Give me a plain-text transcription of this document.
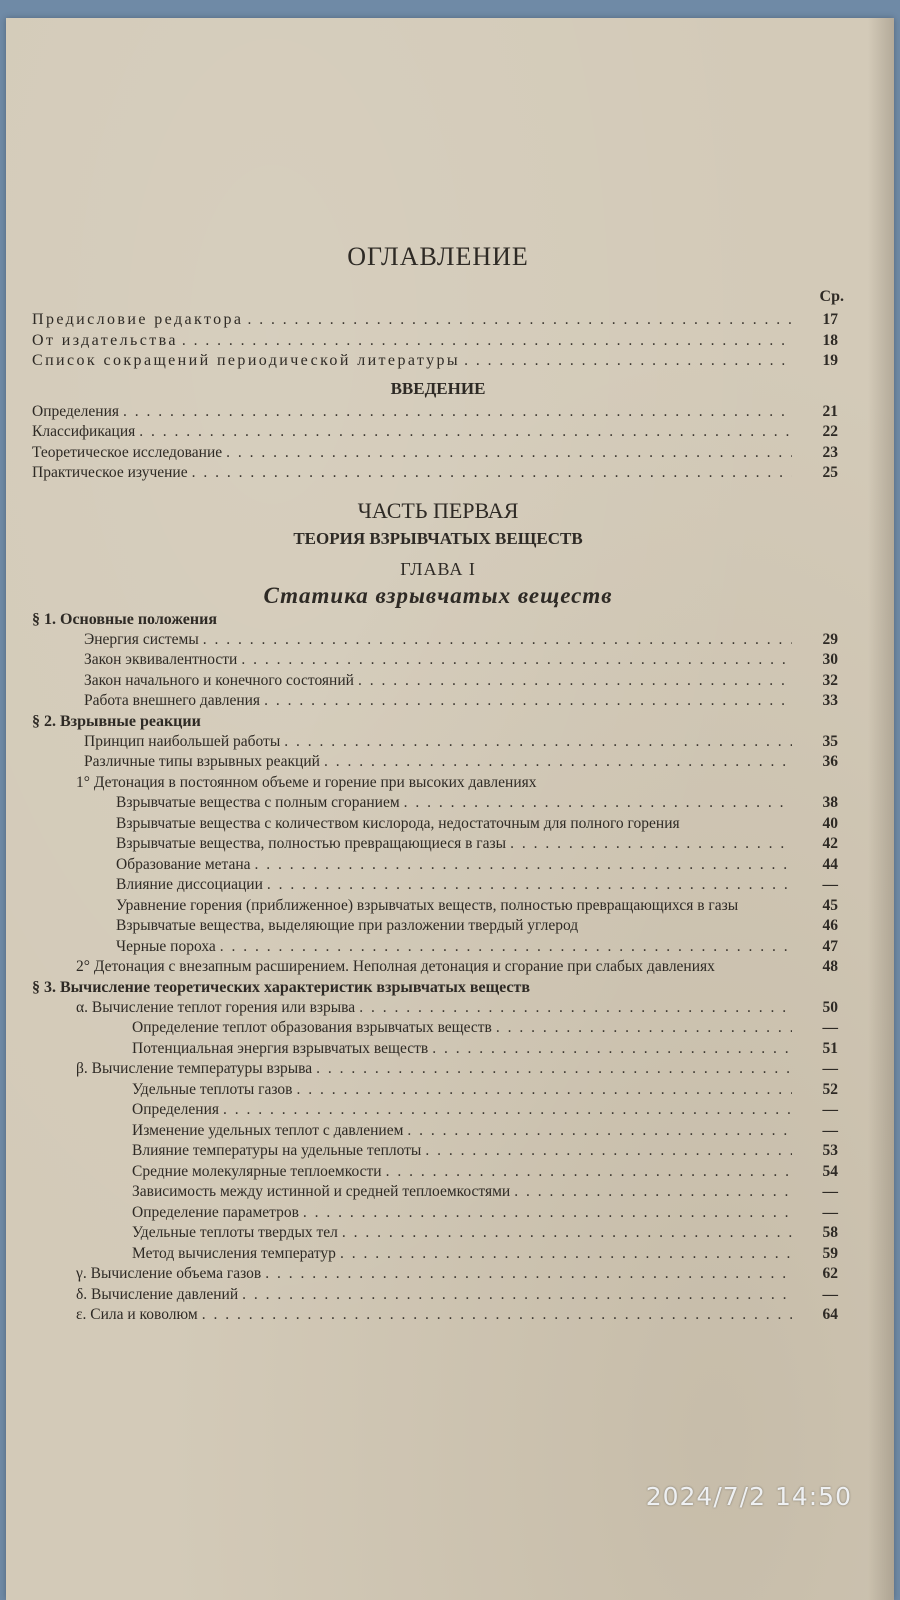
ОГЛАВЛЕНИЕ
Ср.
Предисловие редактора . . .	17
От издательства . . .	18
Список сокращений периодической литературы . . .	19
ВВЕДЕНИЕ
Определения . . .	21
Классификация . . .	22
Теоретическое исследование . . .	23
Практическое изучение . . .	25
ЧАСТЬ ПЕРВАЯ
ТЕОРИЯ ВЗРЫВЧАТЫХ ВЕЩЕСТВ
ГЛАВА I
Статика взрывчатых веществ
§ 1. Основные положения
Энергия системы . . .	29
Закон эквивалентности . . .	30
Закон начального и конечного состояний . . .	32
Работа внешнего давления . . .	33
§ 2. Взрывные реакции
Принцип наибольшей работы . . .	35
Различные типы взрывных реакций . . .	36
1° Детонация в постоянном объеме и горение при высоких давлениях
Взрывчатые вещества с полным сгоранием . . .	38
Взрывчатые вещества с количеством кислорода, недостаточным для полного горения	40
Взрывчатые вещества, полностью превращающиеся в газы . . .	42
Образование метана . . .	44
Влияние диссоциации . . .	—
Уравнение горения (приближенное) взрывчатых веществ, полностью превращающихся в газы	45
Взрывчатые вещества, выделяющие при разложении твердый углерод	46
Черные пороха . . .	47
2° Детонация с внезапным расширением. Неполная детонация и сгорание при слабых давлениях	48
§ 3. Вычисление теоретических характеристик взрывчатых веществ
α. Вычисление теплот горения или взрыва . . .	50
Определение теплот образования взрывчатых веществ . . .	—
Потенциальная энергия взрывчатых веществ . . .	51
β. Вычисление температуры взрыва . . .	—
Удельные теплоты газов . . .	52
Определения . . .	—
Изменение удельных теплот с давлением . . .	—
Влияние температуры на удельные теплоты . . .	53
Средние молекулярные теплоемкости . . .	54
Зависимость между истинной и средней теплоемкостями . . .	—
Определение параметров . . .	—
Удельные теплоты твердых тел . . .	58
Метод вычисления температур . . .	59
γ. Вычисление объема газов . . .	62
δ. Вычисление давлений . . .	—
ε. Сила и коволюм . . .	64
2024/7/2 14:50
